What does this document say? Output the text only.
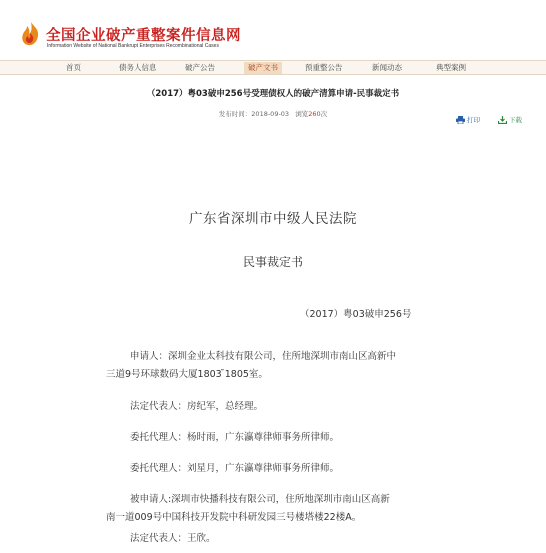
全国企业破产重整案件信息网
Information Website of National Bankrupt Enterprises Recombinational Cases
首页	债务人信息	破产公告	破产文书	预重整公告	新闻动态	典型案例
（2017）粤03破申256号受理债权人的破产清算申请-民事裁定书
发布时间：2018-09-03 浏览260次
打印	下载
广东省深圳市中级人民法院
民事裁定书
（2017）粤03破申256号
申请人：深圳金业太科技有限公司，住所地深圳市南山区高新中
三道9号环球数码大厦1803 ̄1805室。
法定代表人：房纪军，总经理。
委托代理人：杨时雨，广东瀛尊律师事务所律师。
委托代理人：刘星月，广东瀛尊律师事务所律师。
被申请人:深圳市快播科技有限公司，住所地深圳市南山区高新
南一道009号中国科技开发院中科研发园三号楼塔楼22楼A。
法定代表人：王欣。
